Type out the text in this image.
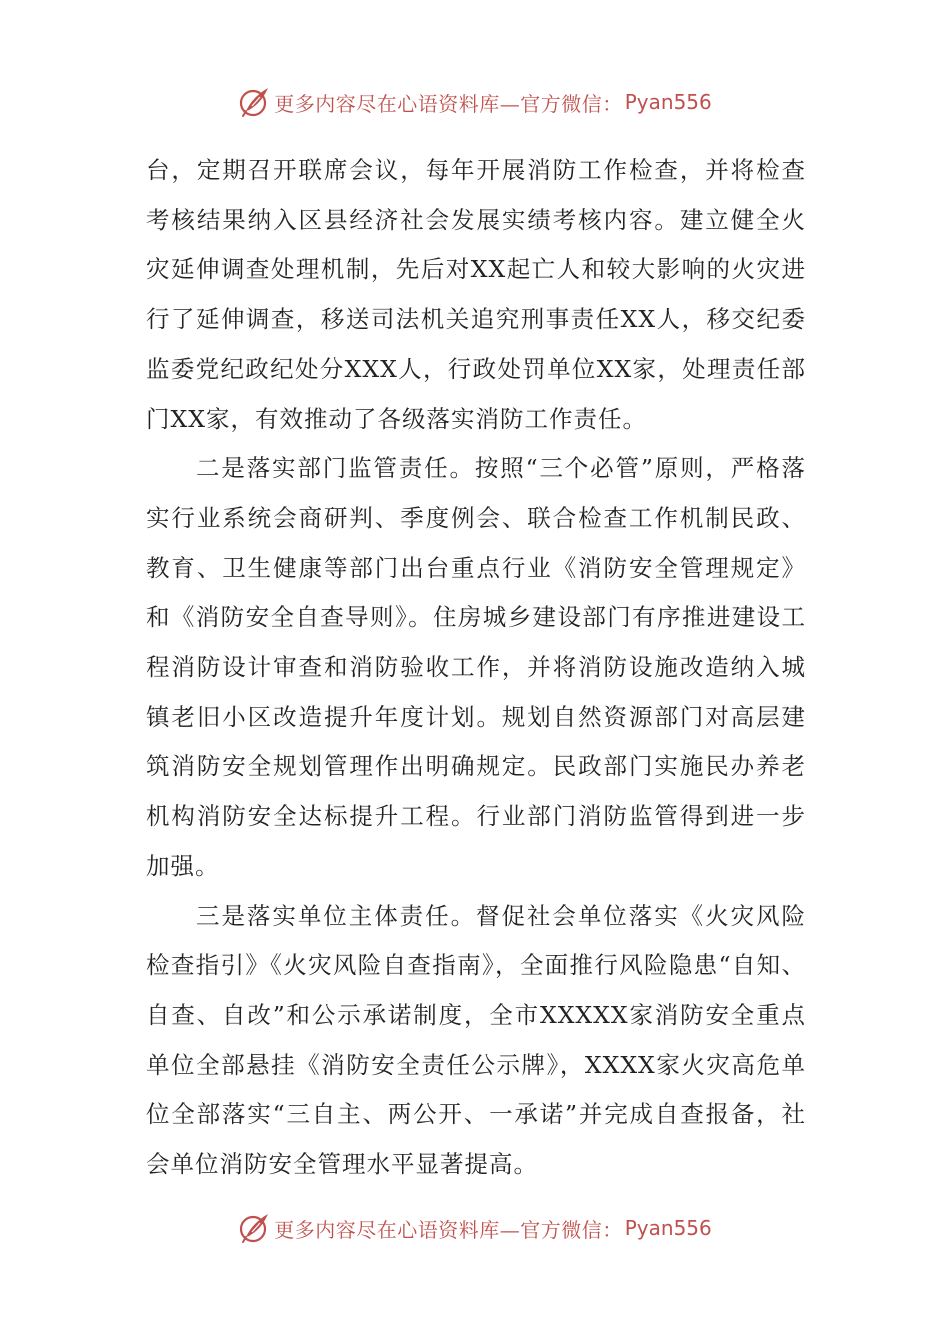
更多内容尽在心语资料库—官方微信： Pyan556

台，定期召开联席会议，每年开展消防工作检查，并将检查考核结果纳入区县经济社会发展实绩考核内容。建立健全火灾延伸调查处理机制，先后对XX起亡人和较大影响的火灾进行了延伸调查，移送司法机关追究刑事责任XX人，移交纪委监委党纪政纪处分XXX人，行政处罚单位XX家，处理责任部门XX家，有效推动了各级落实消防工作责任。

二是落实部门监管责任。按照“三个必管”原则，严格落实行业系统会商研判、季度例会、联合检查工作机制民政、教育、卫生健康等部门出台重点行业《消防安全管理规定》和《消防安全自查导则》。住房城乡建设部门有序推进建设工程消防设计审查和消防验收工作，并将消防设施改造纳入城镇老旧小区改造提升年度计划。规划自然资源部门对高层建筑消防安全规划管理作出明确规定。民政部门实施民办养老机构消防安全达标提升工程。行业部门消防监管得到进一步加强。

三是落实单位主体责任。督促社会单位落实《火灾风险检查指引》《火灾风险自查指南》，全面推行风险隐患“自知、自查、自改”和公示承诺制度，全市XXXXX家消防安全重点单位全部悬挂《消防安全责任公示牌》，XXXX家火灾高危单位全部落实“三自主、两公开、一承诺”并完成自查报备，社会单位消防安全管理水平显著提高。

更多内容尽在心语资料库—官方微信： Pyan556
